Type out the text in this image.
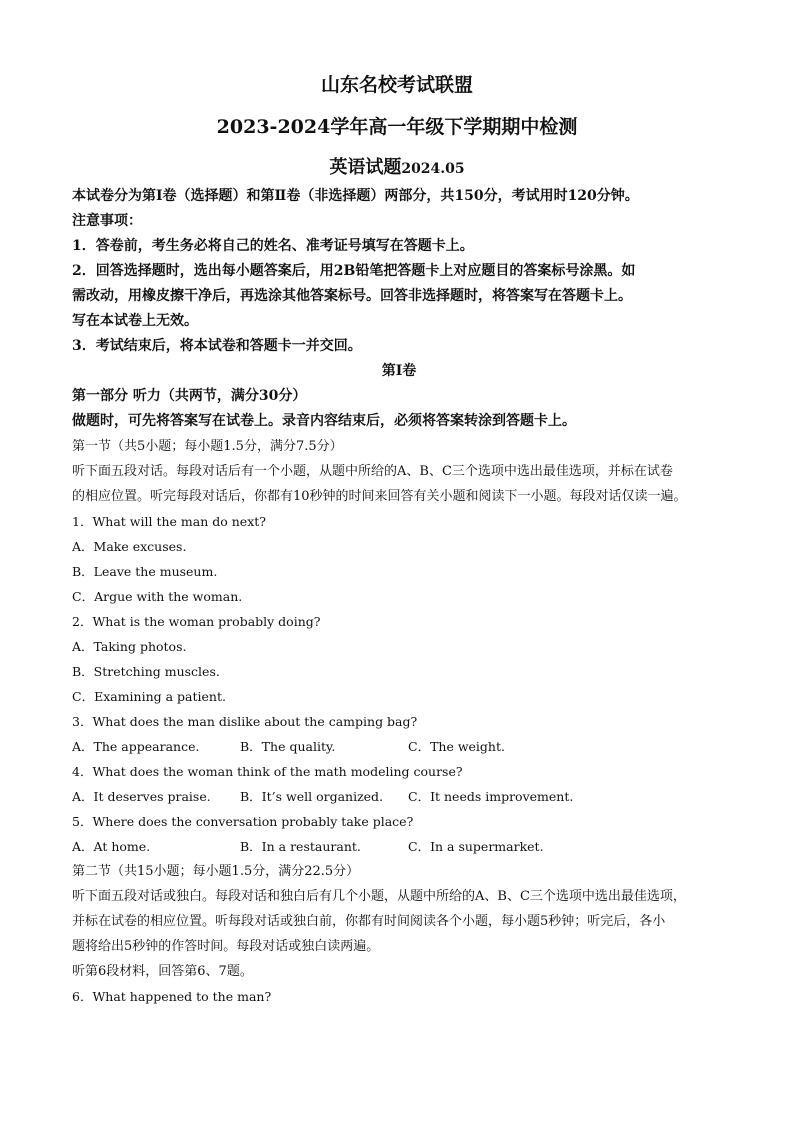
山东名校考试联盟
2023-2024学年高一年级下学期期中检测
英语试题2024.05
本试卷分为第Ⅰ卷（选择题）和第Ⅱ卷（非选择题）两部分，共150分，考试用时120分钟。
注意事项：
1．答卷前，考生务必将自己的姓名、准考证号填写在答题卡上。
2．回答选择题时，选出每小题答案后，用2B铅笔把答题卡上对应题目的答案标号涂黑。如
需改动，用橡皮擦干净后，再选涂其他答案标号。回答非选择题时，将答案写在答题卡上。
写在本试卷上无效。
3．考试结束后，将本试卷和答题卡一并交回。
第Ⅰ卷
第一部分 听力（共两节，满分30分）
做题时，可先将答案写在试卷上。录音内容结束后，必须将答案转涂到答题卡上。
第一节（共5小题；每小题1.5分，满分7.5分）
听下面五段对话。每段对话后有一个小题，从题中所给的A、B、C三个选项中选出最佳选项，并标在试卷
的相应位置。听完每段对话后，你都有10秒钟的时间来回答有关小题和阅读下一小题。每段对话仅读一遍。
1．What will the man do next?
A．Make excuses.
B．Leave the museum.
C．Argue with the woman.
2．What is the woman probably doing?
A．Taking photos.
B．Stretching muscles.
C．Examining a patient.
3．What does the man dislike about the camping bag?
A．The appearance.	B．The quality.	C．The weight.
4．What does the woman think of the math modeling course?
A．It deserves praise.	B．It’s well organized.	C．It needs improvement.
5．Where does the conversation probably take place?
A．At home.	B．In a restaurant.	C．In a supermarket.
第二节（共15小题；每小题1.5分，满分22.5分）
听下面五段对话或独白。每段对话和独白后有几个小题，从题中所给的A、B、C三个选项中选出最佳选项，
并标在试卷的相应位置。听每段对话或独白前，你都有时间阅读各个小题，每小题5秒钟；听完后，各小
题将给出5秒钟的作答时间。每段对话或独白读两遍。
听第6段材料，回答第6、7题。
6．What happened to the man?
